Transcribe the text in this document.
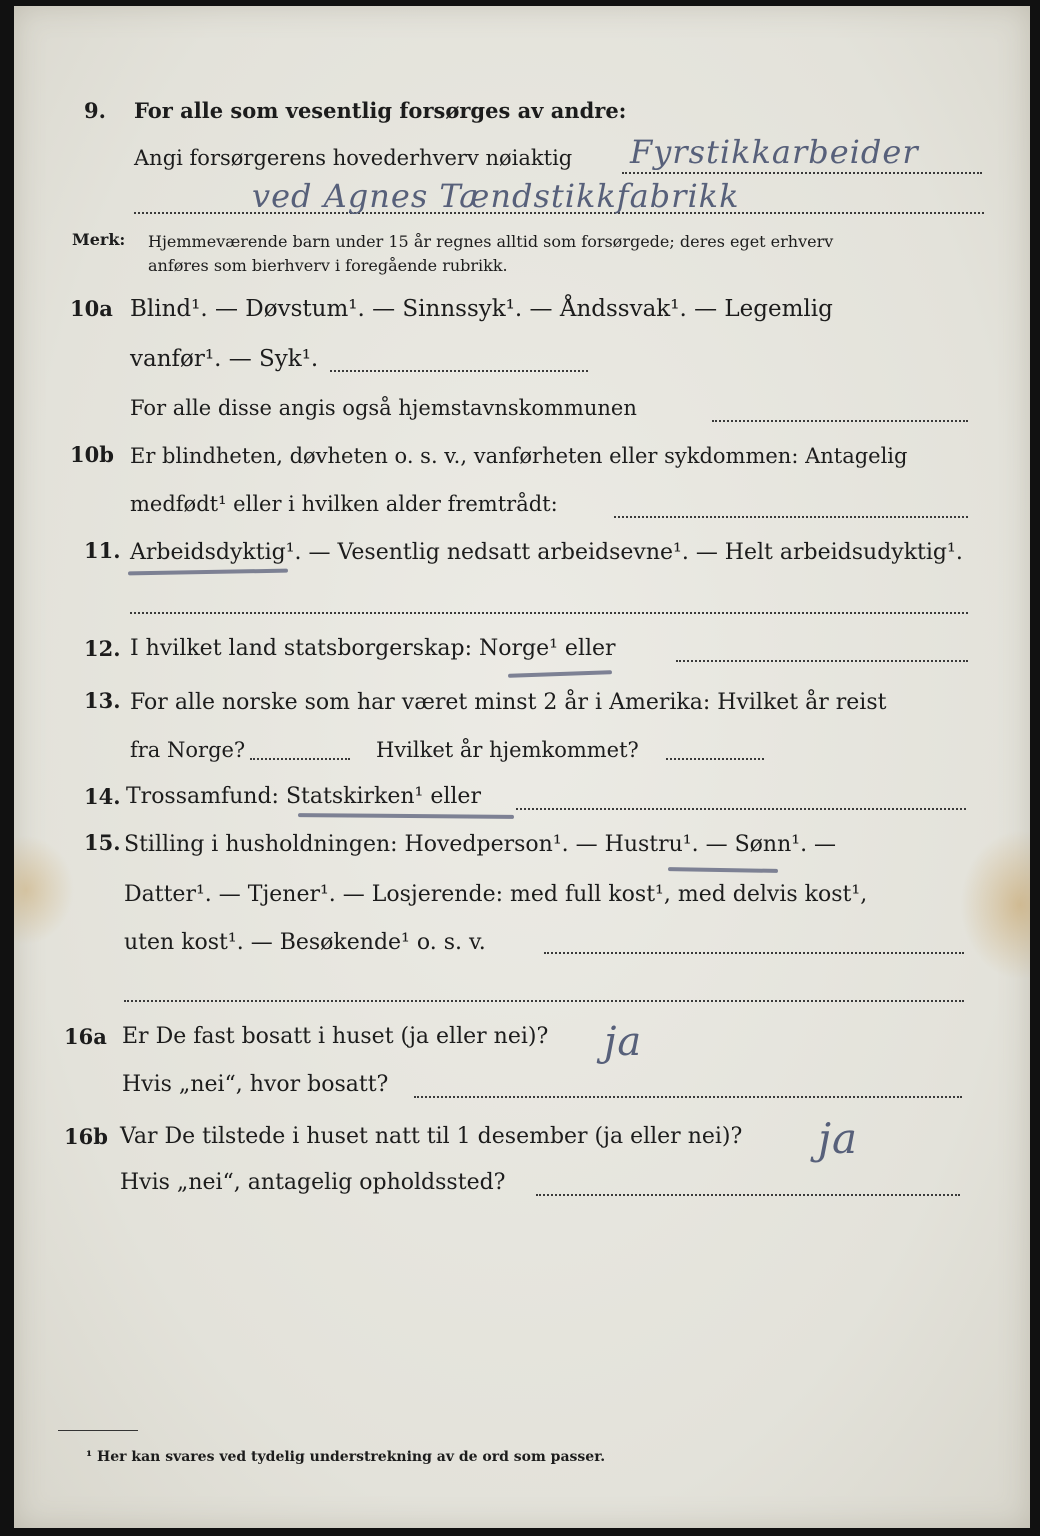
9. For alle som vesentlig forsørges av andre:
Angi forsørgerens hovederhverv nøiaktig Fyrstikkarbeider
ved Agnes Tændstikkfabrikk
Merk: Hjemmeværende barn under 15 år regnes alltid som forsørgede; deres eget erhverv
anføres som bierhverv i foregående rubrikk.
10a Blind¹. — Døvstum¹. — Sinnssyk¹. — Åndssvak¹. — Legemlig
vanfør¹. — Syk¹.
For alle disse angis også hjemstavnskommunen
10b Er blindheten, døvheten o. s. v., vanførheten eller sykdommen: Antagelig
medfødt¹ eller i hvilken alder fremtrådt:
11. Arbeidsdyktig¹. — Vesentlig nedsatt arbeidsevne¹. — Helt arbeidsudyktig¹.
12. I hvilket land statsborgerskap: Norge¹ eller
13. For alle norske som har været minst 2 år i Amerika: Hvilket år reist
fra Norge?	Hvilket år hjemkommet?
14. Trossamfund: Statskirken¹ eller
15. Stilling i husholdningen: Hovedperson¹. — Hustru¹. — Sønn¹. —
Datter¹. — Tjener¹. — Losjerende: med full kost¹, med delvis kost¹,
uten kost¹. — Besøkende¹ o. s. v.
16a Er De fast bosatt i huset (ja eller nei)? ja
Hvis „nei“, hvor bosatt?
16b Var De tilstede i huset natt til 1 desember (ja eller nei)? ja
Hvis „nei“, antagelig opholdssted?
¹ Her kan svares ved tydelig understrekning av de ord som passer.
